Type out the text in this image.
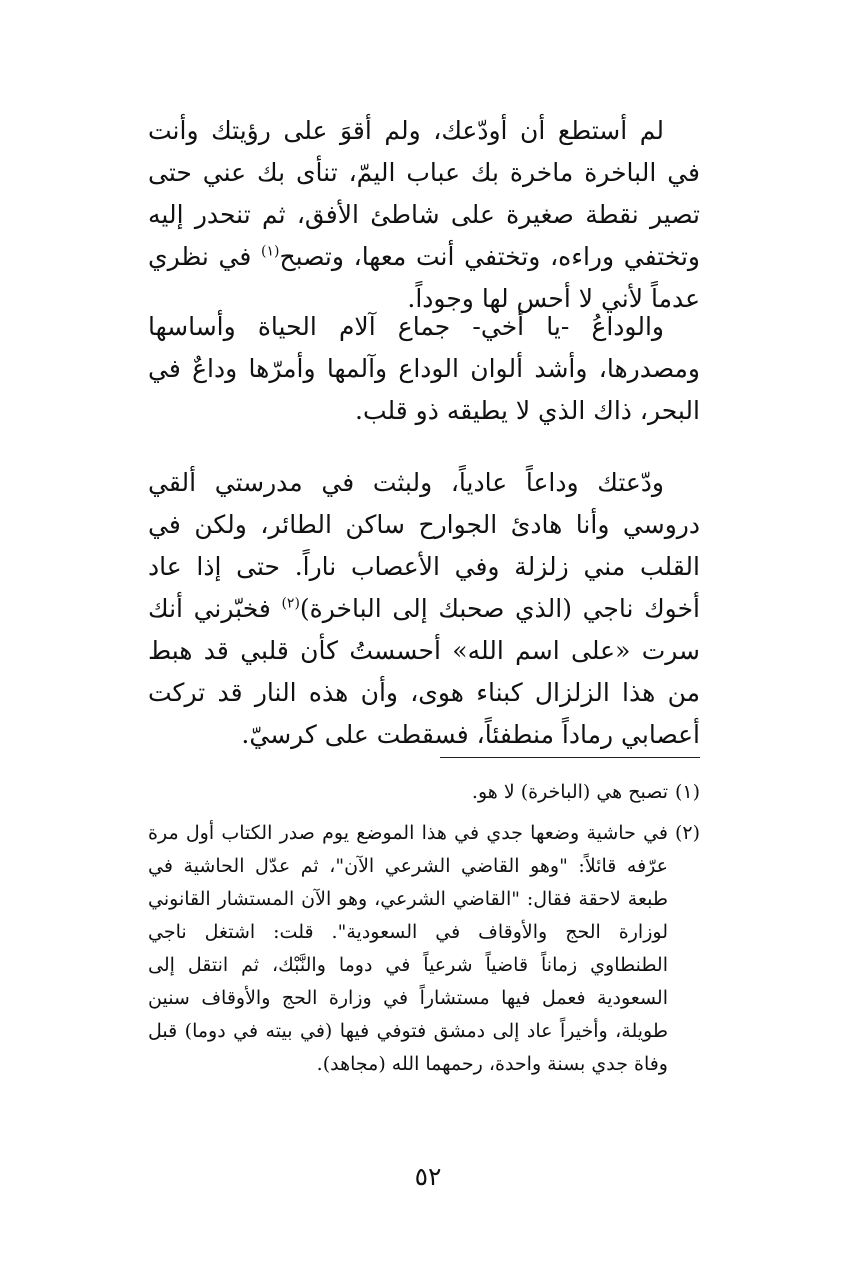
لم أستطع أن أودّعك، ولم أقوَ على رؤيتك وأنت في الباخرة ماخرة بك عباب اليمّ، تنأى بك عني حتى تصير نقطة صغيرة على شاطئ الأفق، ثم تنحدر إليه وتختفي وراءه، وتختفي أنت معها، وتصبح$^{(١)}$ في نظري عدماً لأني لا أحس لها وجوداً.

والوداعُ -يا أخي- جماع آلام الحياة وأساسها ومصدرها، وأشد ألوان الوداع وآلمها وأمرّها وداعٌ في البحر، ذاك الذي لا يطيقه ذو قلب.

ودّعتك وداعاً عادياً، ولبثت في مدرستي ألقي دروسي وأنا هادئ الجوارح ساكن الطائر، ولكن في القلب مني زلزلة وفي الأعصاب ناراً. حتى إذا عاد أخوك ناجي (الذي صحبك إلى الباخرة)$^{(٢)}$ فخبّرني أنك سرت «على اسم الله» أحسستُ كأن قلبي قد هبط من هذا الزلزال كبناء هوى، وأن هذه النار قد تركت أعصابي رماداً منطفئاً، فسقطت على كرسيّ.

(١)
تصبح هي (الباخرة) لا هو.

(٢)
في حاشية وضعها جدي في هذا الموضع يوم صدر الكتاب أول مرة عرّفه قائلاً: "وهو القاضي الشرعي الآن"، ثم عدّل الحاشية في طبعة لاحقة فقال: "القاضي الشرعي، وهو الآن المستشار القانوني لوزارة الحج والأوقاف في السعودية". قلت: اشتغل ناجي الطنطاوي زماناً قاضياً شرعياً في دوما والنَّبْك، ثم انتقل إلى السعودية فعمل فيها مستشاراً في وزارة الحج والأوقاف سنين طويلة، وأخيراً عاد إلى دمشق فتوفي فيها (في بيته في دوما) قبل وفاة جدي بسنة واحدة، رحمهما الله (مجاهد).

٥٢
